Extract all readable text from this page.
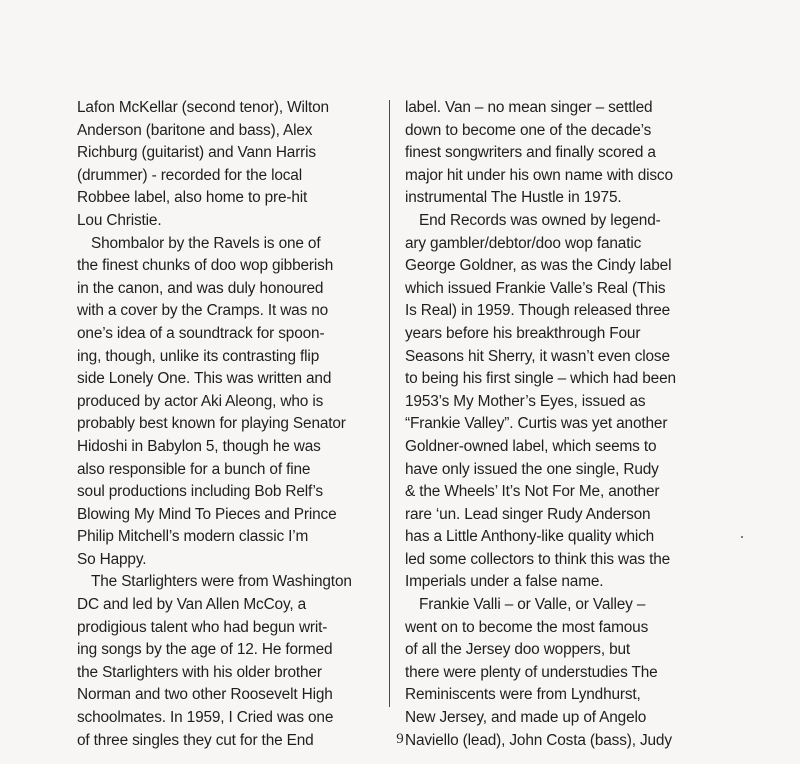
Lafon McKellar (second tenor), Wilton
Anderson (baritone and bass), Alex
Richburg (guitarist) and Vann Harris
(drummer) - recorded for the local
Robbee label, also home to pre-hit
Lou Christie.
Shombalor by the Ravels is one of
the finest chunks of doo wop gibberish
in the canon, and was duly honoured
with a cover by the Cramps. It was no
one’s idea of a soundtrack for spoon-
ing, though, unlike its contrasting flip
side Lonely One. This was written and
produced by actor Aki Aleong, who is
probably best known for playing Senator
Hidoshi in Babylon 5, though he was
also responsible for a bunch of fine
soul productions including Bob Relf’s
Blowing My Mind To Pieces and Prince
Philip Mitchell’s modern classic I’m
So Happy.
The Starlighters were from Washington
DC and led by Van Allen McCoy, a
prodigious talent who had begun writ-
ing songs by the age of 12. He formed
the Starlighters with his older brother
Norman and two other Roosevelt High
schoolmates. In 1959, I Cried was one
of three singles they cut for the End
label. Van – no mean singer – settled
down to become one of the decade’s
finest songwriters and finally scored a
major hit under his own name with disco
instrumental The Hustle in 1975.
End Records was owned by legend-
ary gambler/debtor/doo wop fanatic
George Goldner, as was the Cindy label
which issued Frankie Valle’s Real (This
Is Real) in 1959. Though released three
years before his breakthrough Four
Seasons hit Sherry, it wasn’t even close
to being his first single – which had been
1953’s My Mother’s Eyes, issued as
“Frankie Valley”. Curtis was yet another
Goldner-owned label, which seems to
have only issued the one single, Rudy
& the Wheels’ It’s Not For Me, another
rare ‘un. Lead singer Rudy Anderson
has a Little Anthony-like quality which
led some collectors to think this was the
Imperials under a false name.
Frankie Valli – or Valle, or Valley –
went on to become the most famous
of all the Jersey doo woppers, but
there were plenty of understudies The
Reminiscents were from Lyndhurst,
New Jersey, and made up of Angelo
Naviello (lead), John Costa (bass), Judy
9
